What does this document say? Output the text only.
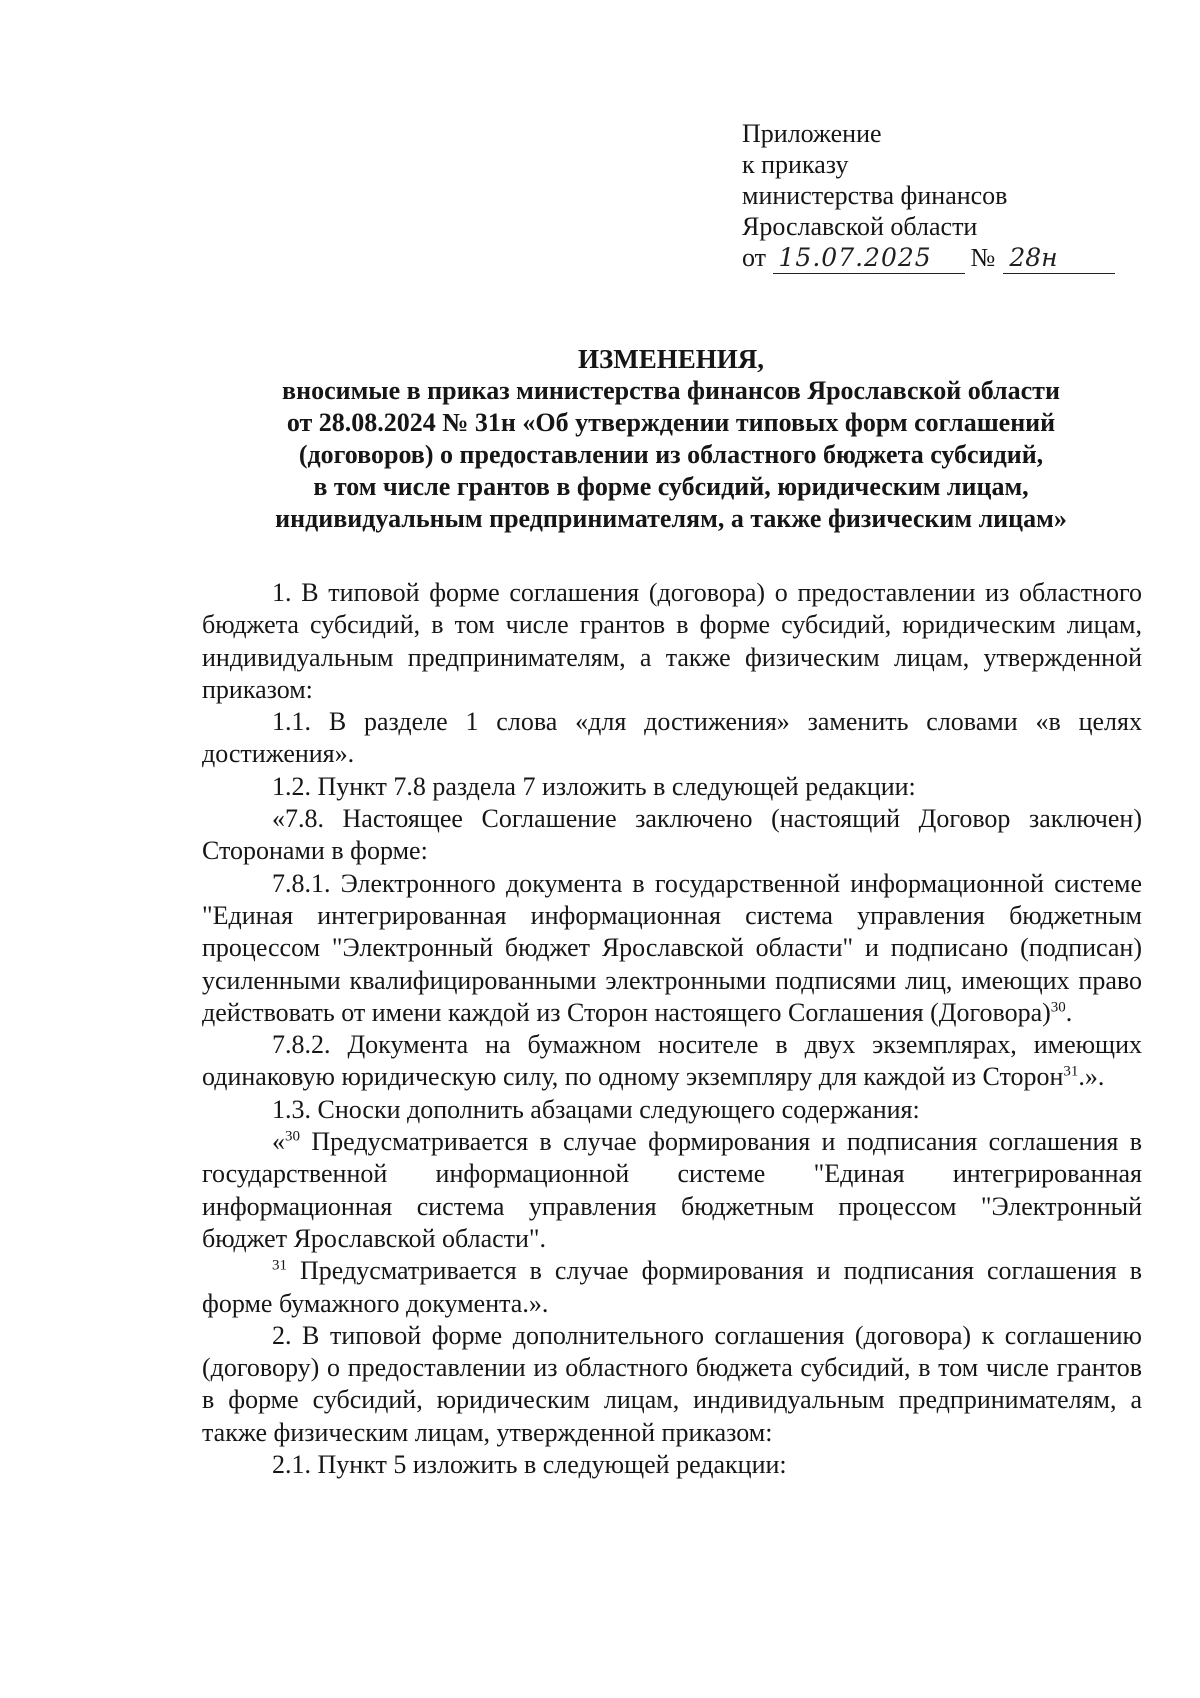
Приложение
к приказу
министерства финансов
Ярославской области
от 15.07.2025 № 28н
ИЗМЕНЕНИЯ,
вносимые в приказ министерства финансов Ярославской области
от 28.08.2024 № 31н «Об утверждении типовых форм соглашений
(договоров) о предоставлении из областного бюджета субсидий,
в том числе грантов в форме субсидий, юридическим лицам,
индивидуальным предпринимателям, а также физическим лицам»

1. В типовой форме соглашения (договора) о предоставлении из областного бюджета субсидий, в том числе грантов в форме субсидий, юридическим лицам, индивидуальным предпринимателям, а также физическим лицам, утвержденной приказом:

1.1. В разделе 1 слова «для достижения» заменить словами «в целях достижения».

1.2. Пункт 7.8 раздела 7 изложить в следующей редакции:

«7.8. Настоящее Соглашение заключено (настоящий Договор заключен) Сторонами в форме:

7.8.1. Электронного документа в государственной информационной системе "Единая интегрированная информационная система управления бюджетным процессом "Электронный бюджет Ярославской области" и подписано (подписан) усиленными квалифицированными электронными подписями лиц, имеющих право действовать от имени каждой из Сторон настоящего Соглашения (Договора)$^{30}$.

7.8.2. Документа на бумажном носителе в двух экземплярах, имеющих одинаковую юридическую силу, по одному экземпляру для каждой из Сторон$^{31}$.».

1.3. Сноски дополнить абзацами следующего содержания:

«$^{30}$ Предусматривается в случае формирования и подписания соглашения в государственной информационной системе "Единая интегрированная информационная система управления бюджетным процессом "Электронный бюджет Ярославской области".

$^{31}$ Предусматривается в случае формирования и подписания соглашения в форме бумажного документа.».

2. В типовой форме дополнительного соглашения (договора) к соглашению (договору) о предоставлении из областного бюджета субсидий, в том числе грантов в форме субсидий, юридическим лицам, индивидуальным предпринимателям, а также физическим лицам, утвержденной приказом:

2.1. Пункт 5 изложить в следующей редакции:
